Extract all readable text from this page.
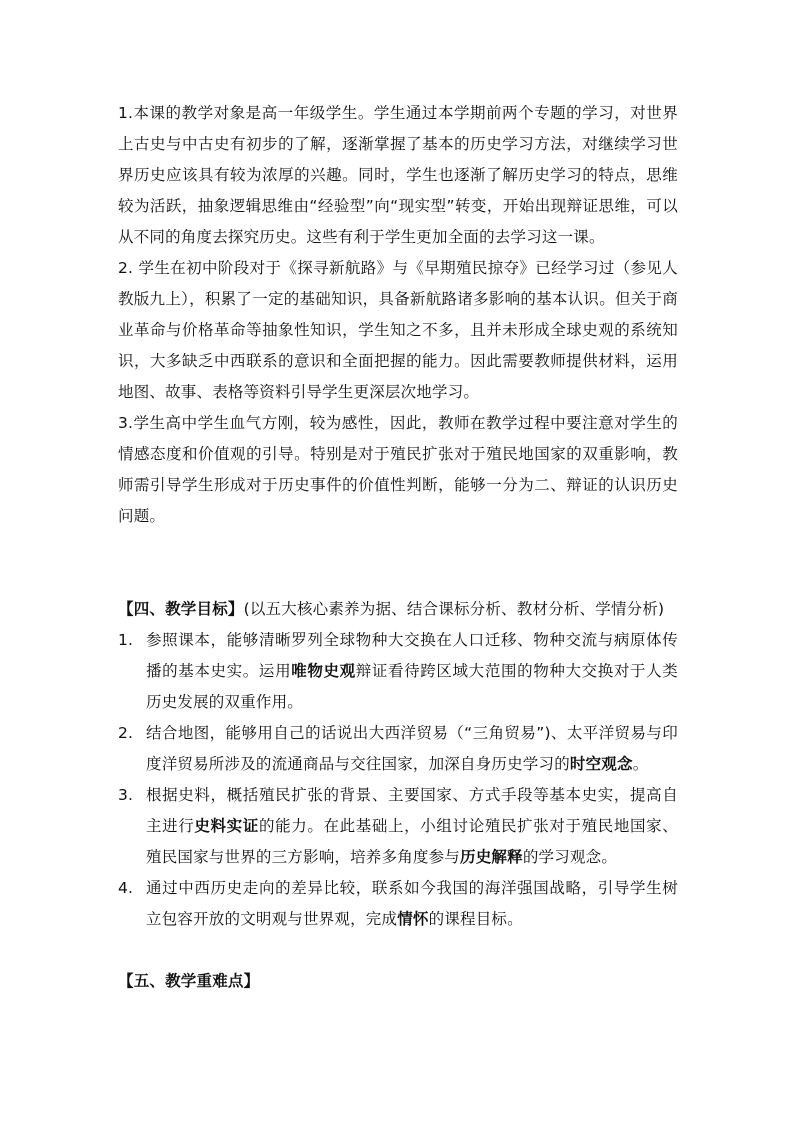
1.本课的教学对象是高一年级学生。学生通过本学期前两个专题的学习，对世界上古史与中古史有初步的了解，逐渐掌握了基本的历史学习方法，对继续学习世界历史应该具有较为浓厚的兴趣。同时，学生也逐渐了解历史学习的特点，思维较为活跃，抽象逻辑思维由“经验型”向“现实型”转变，开始出现辩证思维，可以从不同的角度去探究历史。这些有利于学生更加全面的去学习这一课。

2. 学生在初中阶段对于《探寻新航路》与《早期殖民掠夺》已经学习过（参见人教版九上），积累了一定的基础知识，具备新航路诸多影响的基本认识。但关于商业革命与价格革命等抽象性知识，学生知之不多，且并未形成全球史观的系统知识，大多缺乏中西联系的意识和全面把握的能力。因此需要教师提供材料，运用地图、故事、表格等资料引导学生更深层次地学习。

3.学生高中学生血气方刚，较为感性，因此，教师在教学过程中要注意对学生的情感态度和价值观的引导。特别是对于殖民扩张对于殖民地国家的双重影响，教师需引导学生形成对于历史事件的价值性判断，能够一分为二、辩证的认识历史问题。

【四、教学目标】(以五大核心素养为据、结合课标分析、教材分析、学情分析)

1. 参照课本，能够清晰罗列全球物种大交换在人口迁移、物种交流与病原体传播的基本史实。运用唯物史观辩证看待跨区域大范围的物种大交换对于人类历史发展的双重作用。
2. 结合地图，能够用自己的话说出大西洋贸易（“三角贸易”)、太平洋贸易与印度洋贸易所涉及的流通商品与交往国家，加深自身历史学习的时空观念。
3. 根据史料，概括殖民扩张的背景、主要国家、方式手段等基本史实，提高自主进行史料实证的能力。在此基础上，小组讨论殖民扩张对于殖民地国家、殖民国家与世界的三方影响，培养多角度参与历史解释的学习观念。
4. 通过中西历史走向的差异比较，联系如今我国的海洋强国战略，引导学生树立包容开放的文明观与世界观，完成情怀的课程目标。

【五、教学重难点】
